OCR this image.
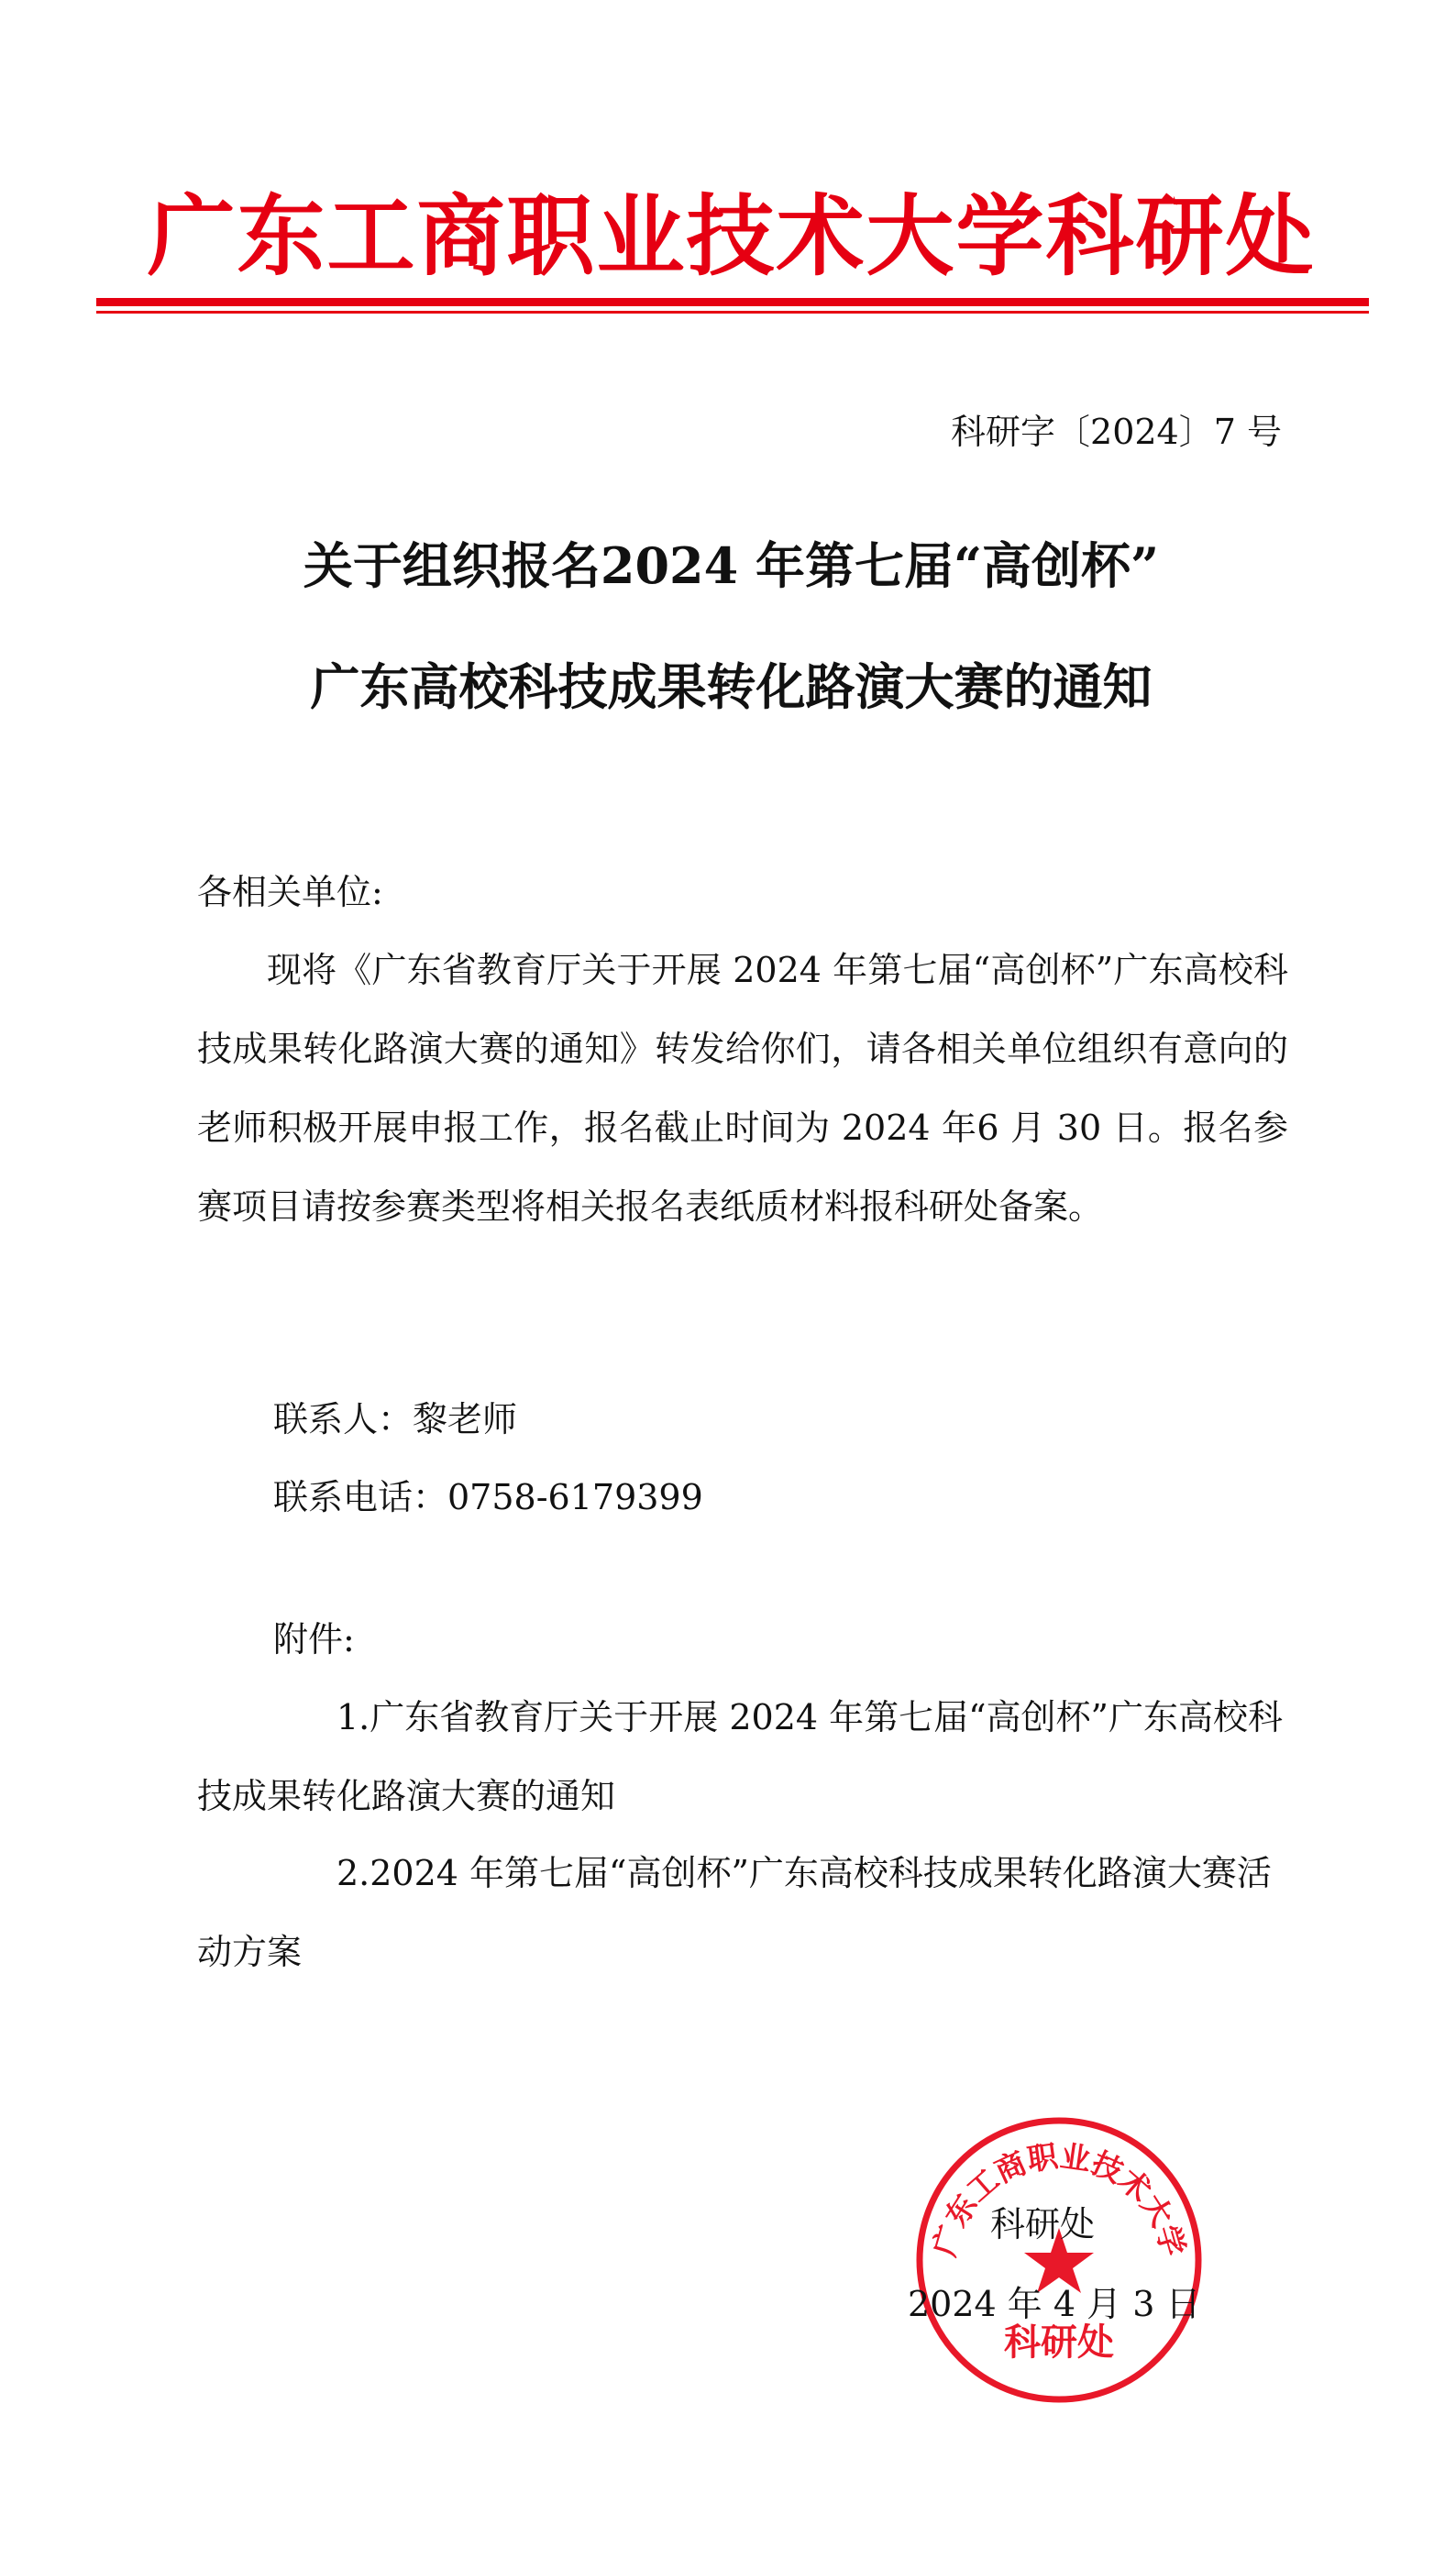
广东工商职业技术大学科研处
科研字〔2024〕7 号
关于组织报名2024 年第七届“高创杯”
广东高校科技成果转化路演大赛的通知
各相关单位:
现将《广东省教育厅关于开展 2024 年第七届“高创杯”广东高校科技成果转化路演大赛的通知》转发给你们，请各相关单位组织有意向的老师积极开展申报工作，报名截止时间为 2024 年6 月 30 日。报名参赛项目请按参赛类型将相关报名表纸质材料报科研处备案。
联系人：黎老师
联系电话：0758-6179399
附件:
1.广东省教育厅关于开展 2024 年第七届“高创杯”广东高校科技成果转化路演大赛的通知
2.2024 年第七届“高创杯”广东高校科技成果转化路演大赛活动方案
广东工商职业技术大学
科研处
科研处
2024 年 4 月 3 日
